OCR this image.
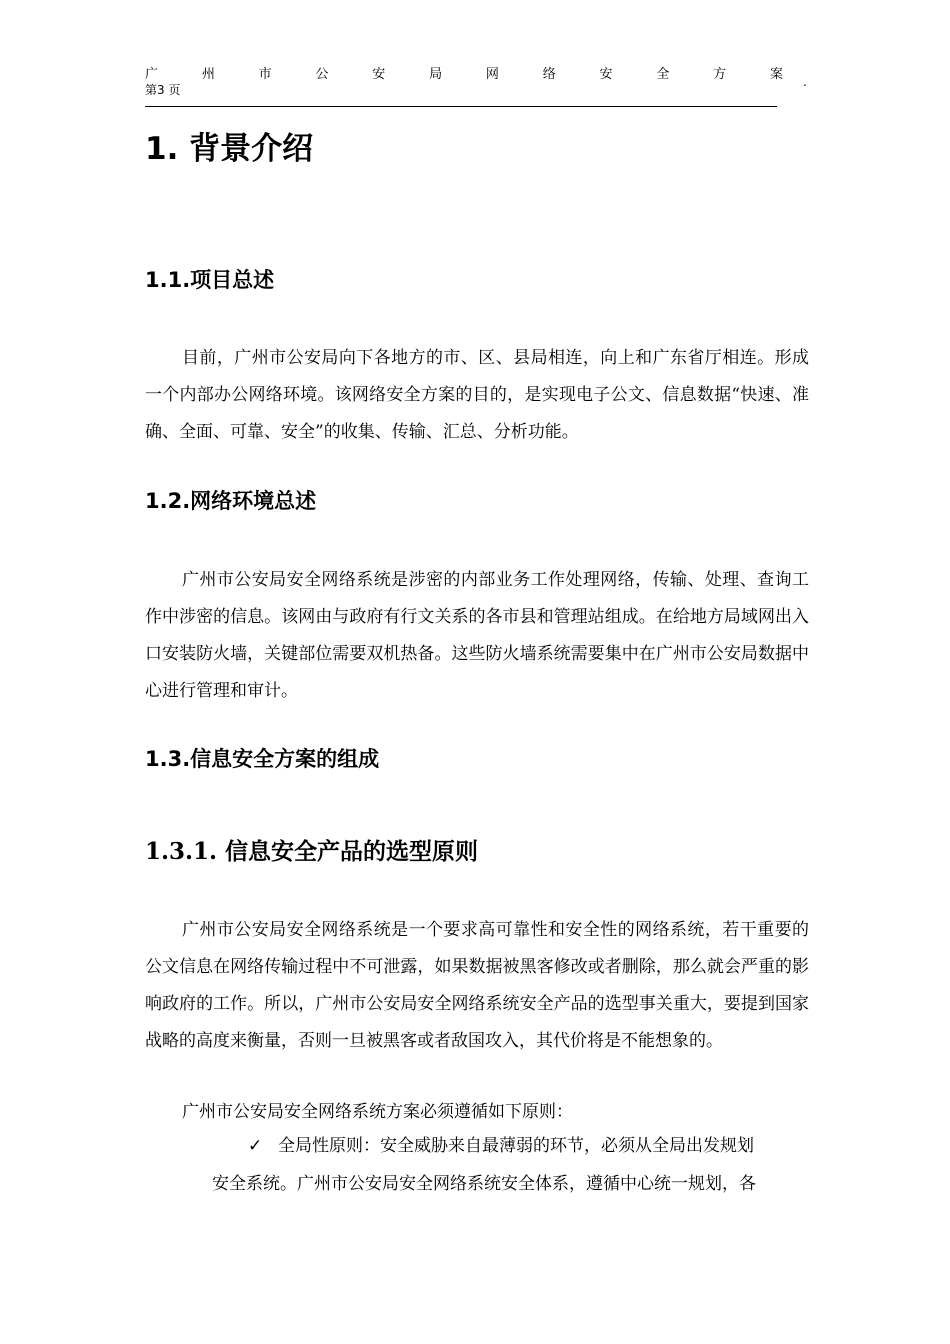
广	州	市	公	安	局	网	络	安	全	方	案 .
第3 页
1. 背景介绍
1.1.项目总述
目前，广州市公安局向下各地方的市、区、县局相连，向上和广东省厅相连。形成一个内部办公网络环境。该网络安全方案的目的，是实现电子公文、信息数据“快速、准确、全面、可靠、安全”的收集、传输、汇总、分析功能。
1.2.网络环境总述
广州市公安局安全网络系统是涉密的内部业务工作处理网络，传输、处理、查询工作中涉密的信息。该网由与政府有行文关系的各市县和管理站组成。在给地方局域网出入口安装防火墙，关键部位需要双机热备。这些防火墙系统需要集中在广州市公安局数据中心进行管理和审计。
1.3.信息安全方案的组成
1.3.1. 信息安全产品的选型原则
广州市公安局安全网络系统是一个要求高可靠性和安全性的网络系统，若干重要的公文信息在网络传输过程中不可泄露，如果数据被黑客修改或者删除，那么就会严重的影响政府的工作。所以，广州市公安局安全网络系统安全产品的选型事关重大，要提到国家战略的高度来衡量，否则一旦被黑客或者敌国攻入，其代价将是不能想象的。
广州市公安局安全网络系统方案必须遵循如下原则：
✓ 全局性原则：安全威胁来自最薄弱的环节，必须从全局出发规划
安全系统。广州市公安局安全网络系统安全体系，遵循中心统一规划，各
